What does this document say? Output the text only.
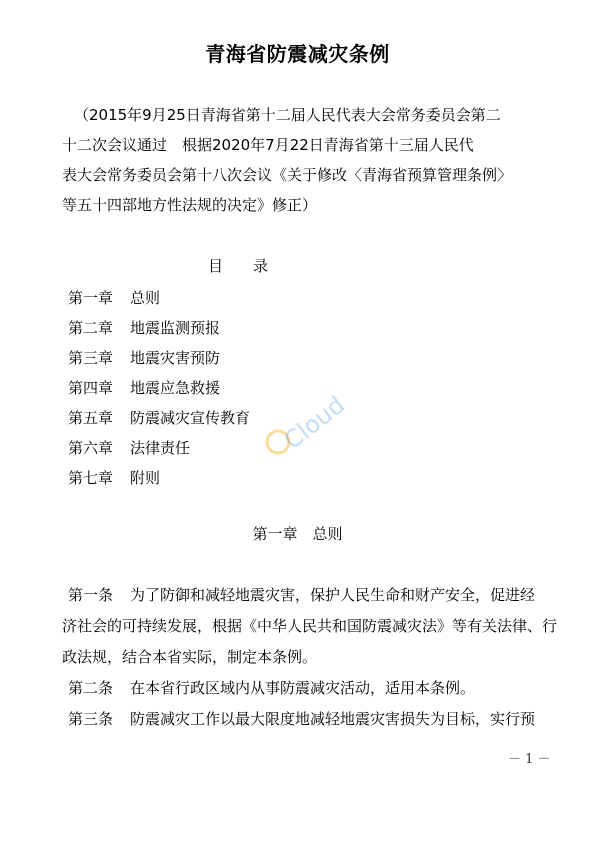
青海省防震减灾条例
（2015年9月25日青海省第十二届人民代表大会常务委员会第二
十二次会议通过　根据2020年7月22日青海省第十三届人民代
表大会常务委员会第十八次会议《关于修改〈青海省预算管理条例〉
等五十四部地方性法规的决定》修正）
目　　录
第一章 总则
第二章 地震监测预报
第三章 地震灾害预防
第四章 地震应急救援
第五章 防震减灾宣传教育
第六章 法律责任
第七章 附则
Cloud
第一章　总则
第一条 为了防御和减轻地震灾害，保护人民生命和财产安全，促进经
济社会的可持续发展，根据《中华人民共和国防震减灾法》等有关法律、行
政法规，结合本省实际，制定本条例。
第二条 在本省行政区域内从事防震减灾活动，适用本条例。
第三条 防震减灾工作以最大限度地减轻地震灾害损失为目标，实行预
－ 1 －
